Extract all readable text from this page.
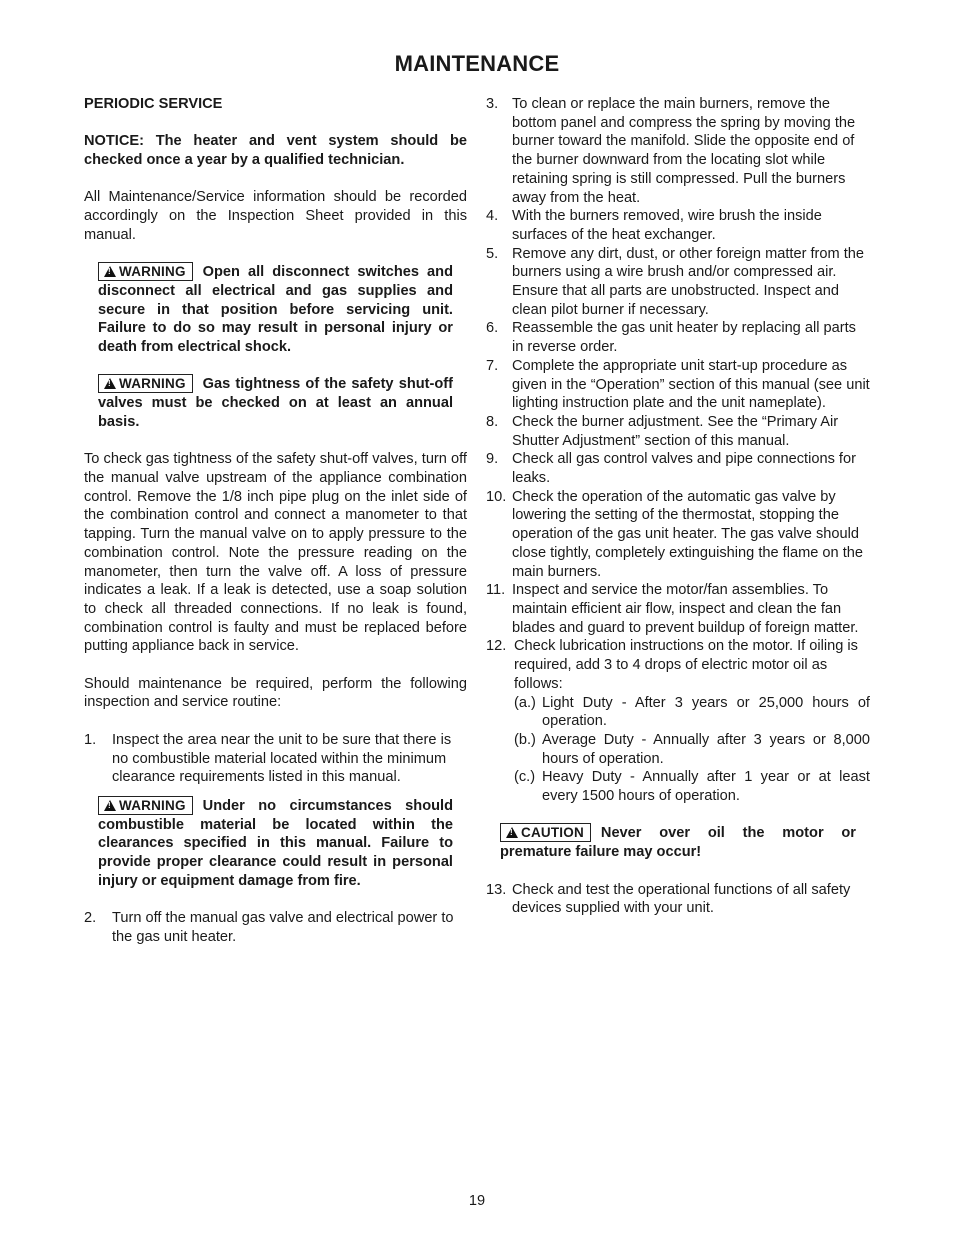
MAINTENANCE

PERIODIC SERVICE

NOTICE: The heater and vent system should be checked once a year by a qualified technician.

All Maintenance/Service information should be recorded accordingly on the Inspection Sheet provided in this manual.

!WARNING Open all disconnect switches and disconnect all electrical and gas supplies and secure in that position before servicing unit. Failure to do so may result in personal injury or death from electrical shock.
!WARNING Gas tightness of the safety shut-off valves must be checked on at least an annual basis.

To check gas tightness of the safety shut-off valves, turn off the manual valve upstream of the appliance combination control. Remove the 1/8 inch pipe plug on the inlet side of the combination control and connect a manometer to that tapping. Turn the manual valve on to apply pressure to the combination control. Note the pressure reading on the manometer, then turn the valve off. A loss of pressure indicates a leak. If a leak is detected, use a soap solution to check all threaded connections. If no leak is found, combination control is faulty and must be replaced before putting appliance back in service.

Should maintenance be required, perform the following inspection and service routine:

1. Inspect the area near the unit to be sure that there is no combustible material located within the minimum clearance requirements listed in this manual.
!WARNING Under no circumstances should combustible material be located within the clearances specified in this manual. Failure to provide proper clearance could result in personal injury or equipment damage from fire.
2. Turn off the manual gas valve and electrical power to the gas unit heater.
3. To clean or replace the main burners, remove the bottom panel and compress the spring by moving the burner toward the manifold. Slide the opposite end of the burner downward from the locating slot while retaining spring is still compressed. Pull the burners away from the heat.
4. With the burners removed, wire brush the inside surfaces of the heat exchanger.
5. Remove any dirt, dust, or other foreign matter from the burners using a wire brush and/or compressed air. Ensure that all parts are unobstructed. Inspect and clean pilot burner if necessary.
6. Reassemble the gas unit heater by replacing all parts in reverse order.
7. Complete the appropriate unit start-up procedure as given in the “Operation” section of this manual (see unit lighting instruction plate and the unit nameplate).
8. Check the burner adjustment. See the “Primary Air Shutter Adjustment” section of this manual.
9. Check all gas control valves and pipe connections for leaks.
10. Check the operation of the automatic gas valve by lowering the setting of the thermostat, stopping the operation of the gas unit heater. The gas valve should close tightly, completely extinguishing the flame on the main burners.
11. Inspect and service the motor/fan assemblies. To maintain efficient air flow, inspect and clean the fan blades and guard to prevent buildup of foreign matter.
12. Check lubrication instructions on the motor. If oiling is required, add 3 to 4 drops of electric motor oil as follows:
(a.) Light Duty - After 3 years or 25,000 hours of operation.
(b.) Average Duty - Annually after 3 years or 8,000 hours of operation.
(c.) Heavy Duty - Annually after 1 year or at least every 1500 hours of operation.
!CAUTION Never over oil the motor or premature failure may occur!
13. Check and test the operational functions of all safety devices supplied with your unit.
19
